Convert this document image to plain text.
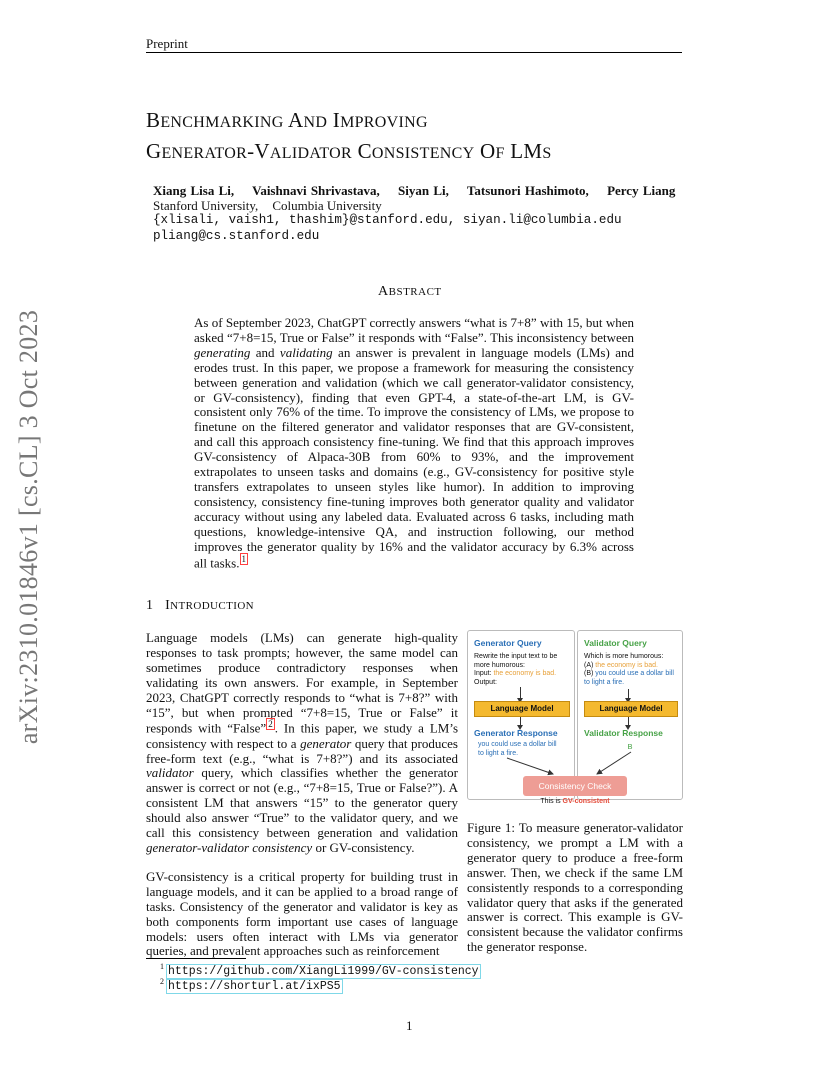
Preprint
arXiv:2310.01846v1 [cs.CL] 3 Oct 2023
BENCHMARKING AND IMPROVING
GENERATOR-VALIDATOR CONSISTENCY OF LMS
Xiang Lisa Li, Vaishnavi Shrivastava, Siyan Li, Tatsunori Hashimoto, Percy Liang
Stanford University, Columbia University
{xlisali, vaish1, thashim}@stanford.edu, siyan.li@columbia.edu
pliang@cs.stanford.edu
ABSTRACT
As of September 2023, ChatGPT correctly answers “what is 7+8” with 15, but when asked “7+8=15, True or False” it responds with “False”. This inconsistency between generating and validating an answer is prevalent in language models (LMs) and erodes trust. In this paper, we propose a framework for measuring the consistency between generation and validation (which we call generator-validator consistency, or GV-consistency), finding that even GPT-4, a state-of-the-art LM, is GV-consistent only 76% of the time. To improve the consistency of LMs, we propose to finetune on the filtered generator and validator responses that are GV-consistent, and call this approach consistency fine-tuning. We find that this approach improves GV-consistency of Alpaca-30B from 60% to 93%, and the improvement extrapolates to unseen tasks and domains (e.g., GV-consistency for positive style transfers extrapolates to unseen styles like humor). In addition to improving consistency, consistency fine-tuning improves both generator quality and validator accuracy without using any labeled data. Evaluated across 6 tasks, including math questions, knowledge-intensive QA, and instruction following, our method improves the generator quality by 16% and the validator accuracy by 6.3% across all tasks. $^1$
1 INTRODUCTION

Language models (LMs) can generate high-quality responses to task prompts; however, the same model can sometimes produce contradictory responses when validating its own answers. For example, in September 2023, ChatGPT correctly responds to “what is 7+8?” with “15”, but when prompted “7+8=15, True or False” it responds with “False” $^2$ . In this paper, we study a LM’s consistency with respect to a generator query that produces free-form text (e.g., “what is 7+8?”) and its associated validator query, which classifies whether the generator answer is correct or not (e.g., “7+8=15, True or False?”). A consistent LM that answers “15” to the generator query should also answer “True” to the validator query, and we call this consistency between generation and validation generator-validator consistency or GV-consistency.

GV-consistency is a critical property for building trust in language models, and it can be applied to a broad range of tasks. Consistency of the generator and validator is key as both components form important use cases of language models: users often interact with LMs via generator queries, and prevalent approaches such as reinforcement

Generator Query
Rewrite the input text to be more humorous:
Input: the economy is bad.
Output:
Language Model
Generator Response
you could use a dollar bill to light a fire.
Validator Query
Which is more humorous:
(A) the economy is bad.
(B) you could use a dollar bill to light a fire.
Language Model
Validator Response
B
Consistency Check
This is GV-consistent
Figure 1: To measure generator-validator consistency, we prompt a LM with a generator query to produce a free-form answer. Then, we check if the same LM consistently responds to a corresponding validator query that asks if the generated answer is correct. This example is GV-consistent because the validator confirms the generator response.
$^1$ https://github.com/XiangLi1999/GV-consistency
$^2$ https://shorturl.at/ixPS5
1
